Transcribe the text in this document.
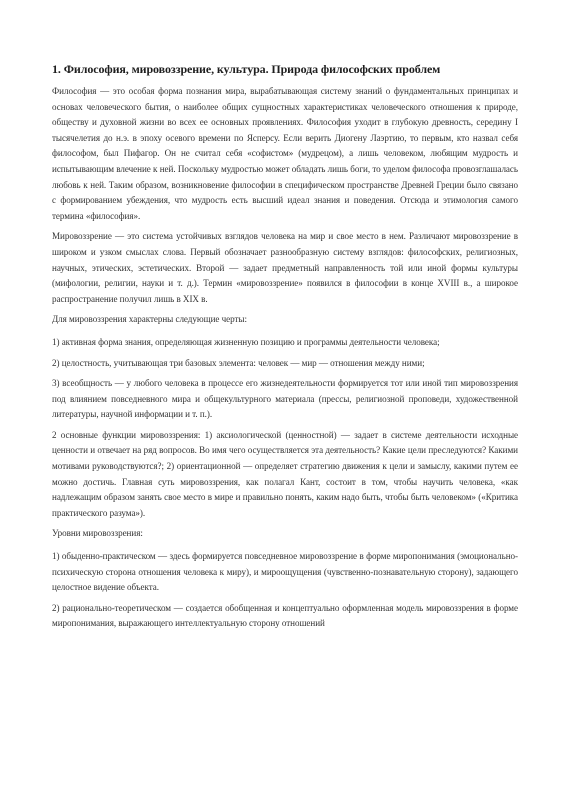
1. Философия, мировоззрение, культура. Природа философских проблем

Философия — это особая форма познания мира, вырабатывающая систему знаний о фундаментальных принципах и основах человеческого бытия, о наиболее общих сущностных характеристиках человеческого отношения к природе, обществу и духовной жизни во всех ее основных проявлениях. Философия уходит в глубокую древность, середину I тысячелетия до н.э. в эпоху осевого времени по Ясперсу. Если верить Диогену Лаэртию, то первым, кто назвал себя философом, был Пифагор. Он не считал себя «софистом» (мудрецом), а лишь человеком, любящим мудрость и испытывающим влечение к ней. Поскольку мудростью может обладать лишь боги, то уделом философа провозглашалась любовь к ней. Таким образом, возникновение философии в специфическом пространстве Древней Греции было связано с формированием убеждения, что мудрость есть высший идеал знания и поведения. Отсюда и этимология самого термина «философия».

Мировоззрение — это система устойчивых взглядов человека на мир и свое место в нем. Различают мировоззрение в широком и узком смыслах слова. Первый обозначает разнообразную систему взглядов: философских, религиозных, научных, этических, эстетических. Второй — задает предметный направленность той или иной формы культуры (мифологии, религии, науки и т. д.). Термин «мировоззрение» появился в философии в конце XVIII в., а широкое распространение получил лишь в XIX в.

Для мировоззрения характерны следующие черты:

1) активная форма знания, определяющая жизненную позицию и программы деятельности человека;

2) целостность, учитывающая три базовых элемента: человек — мир — отношения между ними;

3) всеобщность — у любого человека в процессе его жизнедеятельности формируется тот или иной тип мировоззрения под влиянием повседневного мира и общекультурного материала (прессы, религиозной проповеди, художественной литературы, научной информации и т. п.).

2 основные функции мировоззрения: 1) аксиологической (ценностной) — задает в системе деятельности исходные ценности и отвечает на ряд вопросов. Во имя чего осуществляется эта деятельность? Какие цели преследуются? Какими мотивами руководствуются?; 2) ориентационной — определяет стратегию движения к цели и замыслу, какими путем ее можно достичь. Главная суть мировоззрения, как полагал Кант, состоит в том, чтобы научить человека, «как надлежащим образом занять свое место в мире и правильно понять, каким надо быть, чтобы быть человеком» («Критика практического разума»).

Уровни мировоззрения:

1) обыденно-практическом — здесь формируется повседневное мировоззрение в форме миропонимания (эмоционально-психическую сторона отношения человека к миру), и мироощущения (чувственно-познавательную сторону), задающего целостное видение объекта.

2) рационально-теоретическом — создается обобщенная и концептуально оформленная модель мировоззрения в форме миропонимания, выражающего интеллектуальную сторону отношений
